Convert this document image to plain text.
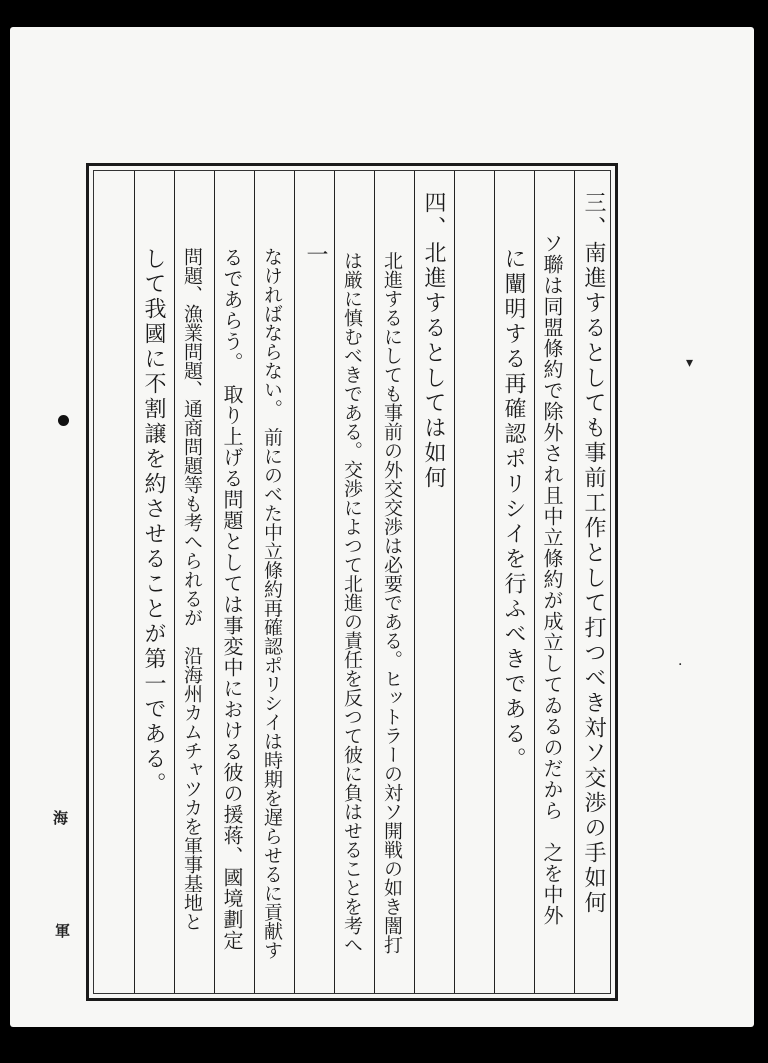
▾
·
三、南進するとしても事前工作として打つべき対ソ交渉の手如何
ソ聯は同盟條約で除外され且中立條約が成立してゐるのだから　之を中外
に闡明する再確認ポリシイを行ふべきである。
四、北進するとしては如何
北進するにしても事前の外交交渉は必要である。ヒットラーの対ソ開戦の如き闇打
は厳に慎むべきである。交渉によつて北進の責任を反つて彼に負はせることを考へ
一
なければならない。　前にのべた中立條約再確認ポリシイは時期を遅らせるに貢献す
るであらう。　取り上げる問題としては事変中における彼の援蒋、國境劃定
問題、漁業問題、通商問題等も考へられるが　沿海州カムチャツカを軍事基地と
して我國に不割譲を約させることが第一である。
海
軍
